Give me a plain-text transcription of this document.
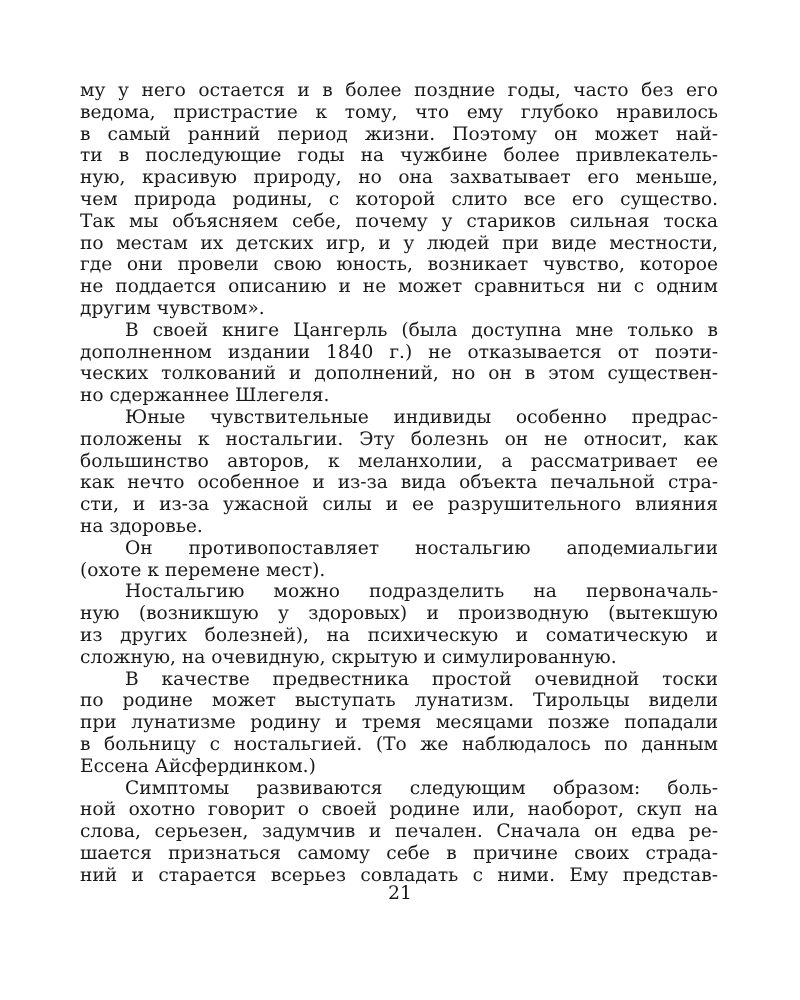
му у него остается и в более поздние годы, часто без его
ведома, пристрастие к тому, что ему глубоко нравилось
в самый ранний период жизни. Поэтому он может най-
ти в последующие годы на чужбине более привлекатель-
ную, красивую природу, но она захватывает его меньше,
чем природа родины, с которой слито все его существо.
Так мы объясняем себе, почему у стариков сильная тоска
по местам их детских игр, и у людей при виде местности,
где они провели свою юность, возникает чувство, которое
не поддается описанию и не может сравниться ни с одним
другим чувством».
В своей книге Цангерль (была доступна мне только в
дополненном издании 1840 г.) не отказывается от поэти-
ческих толкований и дополнений, но он в этом существен-
но сдержаннее Шлегеля.
Юные чувствительные индивиды особенно предрас-
положены к ностальгии. Эту болезнь он не относит, как
большинство авторов, к меланхолии, а рассматривает ее
как нечто особенное и из-за вида объекта печальной стра-
сти, и из-за ужасной силы и ее разрушительного влияния
на здоровье.
Он противопоставляет ностальгию аподемиальгии
(охоте к перемене мест).
Ностальгию можно подразделить на первоначаль-
ную (возникшую у здоровых) и производную (вытекшую
из других болезней), на психическую и соматическую и
сложную, на очевидную, скрытую и симулированную.
В качестве предвестника простой очевидной тоски
по родине может выступать лунатизм. Тирольцы видели
при лунатизме родину и тремя месяцами позже попадали
в больницу с ностальгией. (То же наблюдалось по данным
Ессена Айсфердинком.)
Симптомы развиваются следующим образом: боль-
ной охотно говорит о своей родине или, наоборот, скуп на
слова, серьезен, задумчив и печален. Сначала он едва ре-
шается признаться самому себе в причине своих страда-
ний и старается всерьез совладать с ними. Ему представ-
21
